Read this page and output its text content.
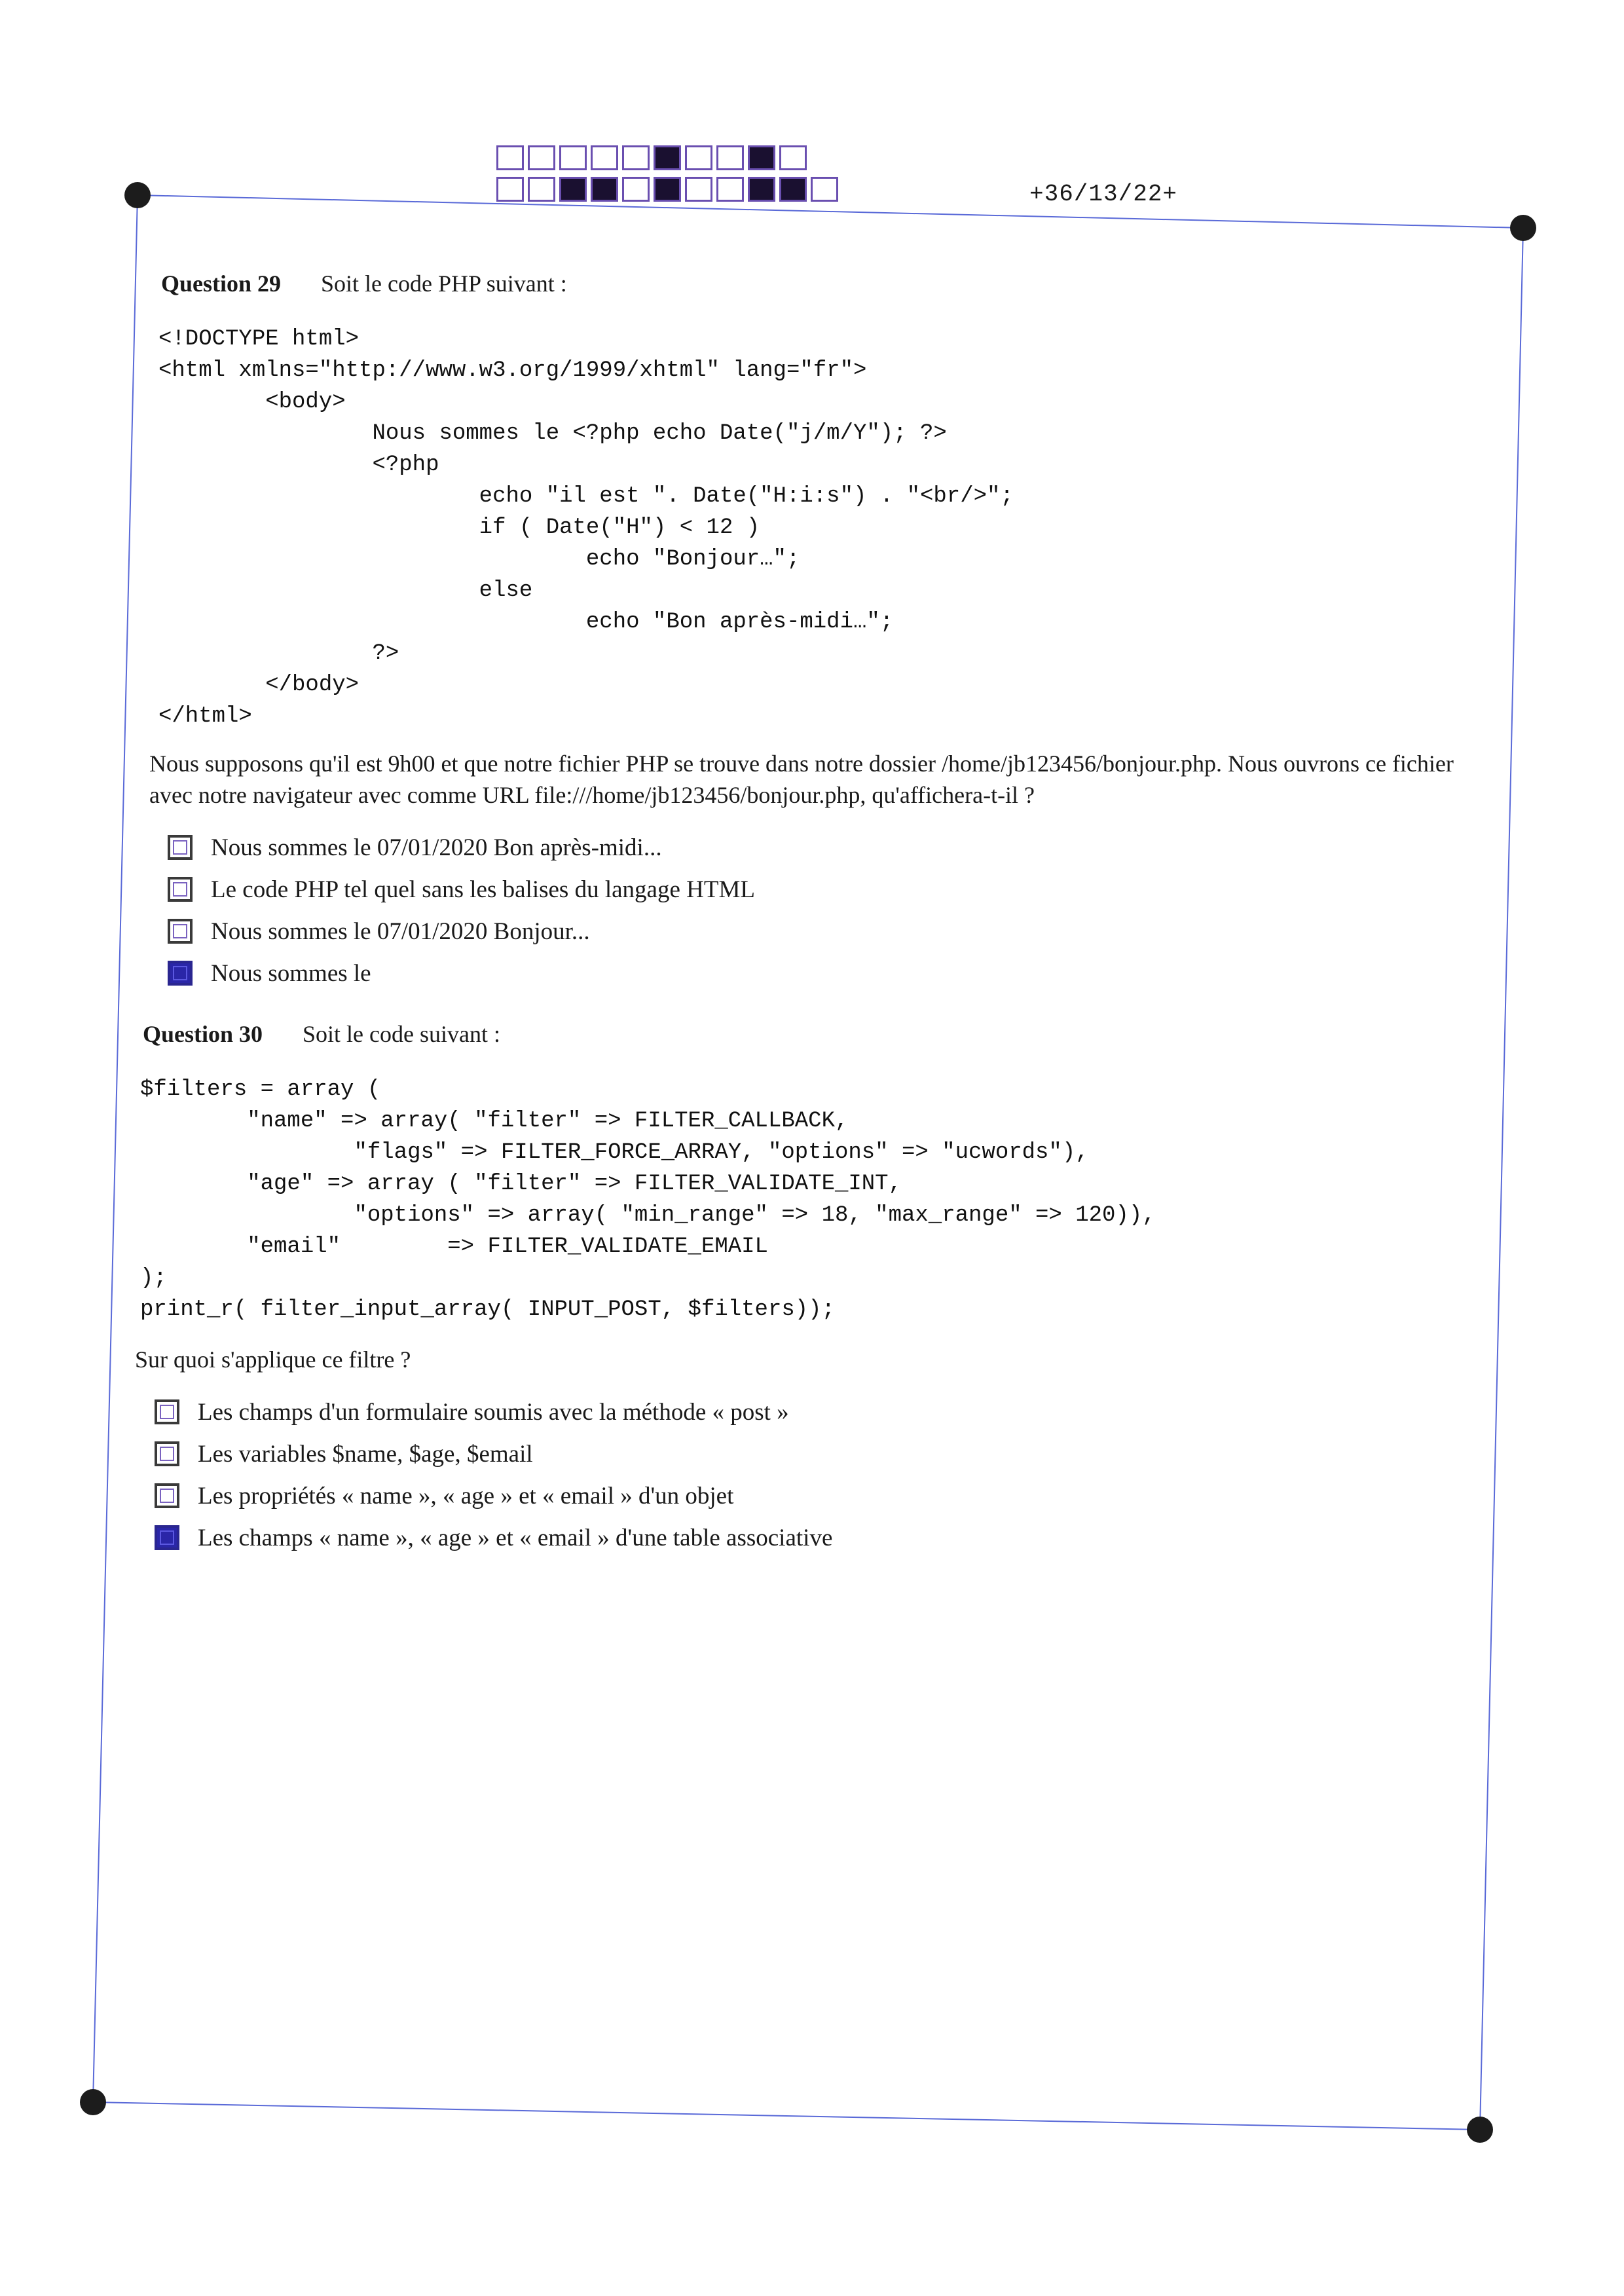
+36/13/22+
Question 29 Soit le code PHP suivant :
<!DOCTYPE html>
<html xmlns="http://www.w3.org/1999/xhtml" lang="fr">
<body>
Nous sommes le <?php echo Date("j/m/Y"); ?>
<?php
echo "il est ". Date("H:i:s") . "<br/>";
if ( Date("H") < 12 )
echo "Bonjour…";
else
echo "Bon après-midi…";
?>
</body>
</html>

Nous supposons qu'il est 9h00 et que notre fichier PHP se trouve dans notre dossier /home/jb123456/bonjour.php. Nous ouvrons ce fichier avec notre navigateur avec comme URL file:///home/jb123456/bonjour.php, qu'affichera-t-il ?

Nous sommes le 07/01/2020 Bon après-midi...
Le code PHP tel quel sans les balises du langage HTML
Nous sommes le 07/01/2020 Bonjour...
Nous sommes le
Question 30 Soit le code suivant :
$filters = array (
"name" => array( "filter" => FILTER_CALLBACK,
"flags" => FILTER_FORCE_ARRAY, "options" => "ucwords"),
"age" => array ( "filter" => FILTER_VALIDATE_INT,
"options" => array( "min_range" => 18, "max_range" => 120)),
"email"        => FILTER_VALIDATE_EMAIL
);
print_r( filter_input_array( INPUT_POST, $filters));

Sur quoi s'applique ce filtre ?

Les champs d'un formulaire soumis avec la méthode « post »
Les variables $name, $age, $email
Les propriétés « name », « age » et « email » d'un objet
Les champs « name », « age » et « email » d'une table associative
